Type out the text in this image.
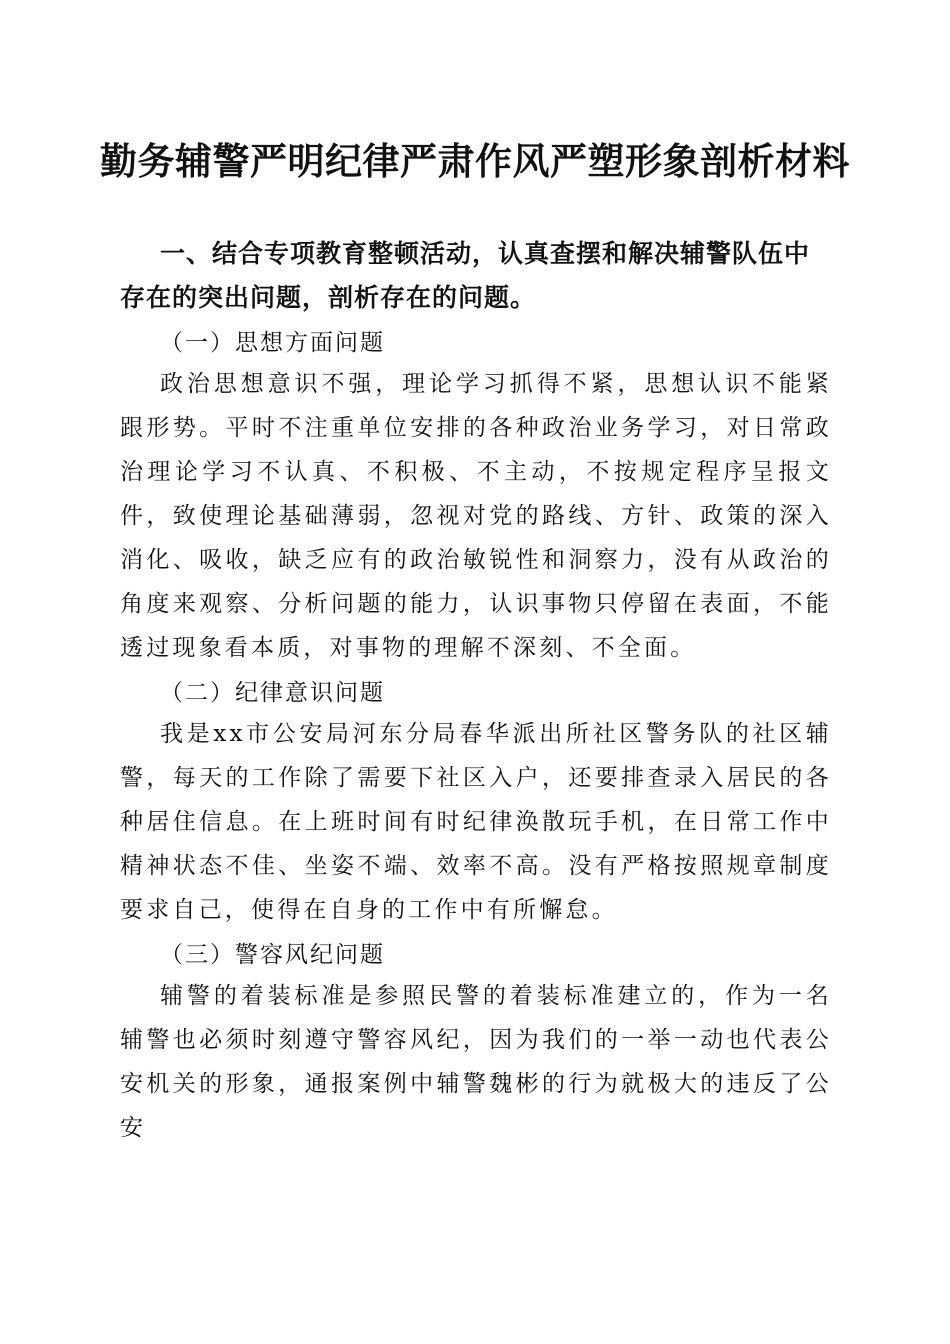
勤务辅警严明纪律严肃作风严塑形象剖析材料

一、结合专项教育整顿活动，认真查摆和解决辅警队伍中存在的突出问题，剖析存在的问题。

（一）思想方面问题

政治思想意识不强，理论学习抓得不紧，思想认识不能紧跟形势。平时不注重单位安排的各种政治业务学习，对日常政治理论学习不认真、不积极、不主动，不按规定程序呈报文件，致使理论基础薄弱，忽视对党的路线、方针、政策的深入消化、吸收，缺乏应有的政治敏锐性和洞察力，没有从政治的角度来观察、分析问题的能力，认识事物只停留在表面，不能透过现象看本质，对事物的理解不深刻、不全面。

（二）纪律意识问题

我是xx市公安局河东分局春华派出所社区警务队的社区辅警，每天的工作除了需要下社区入户，还要排查录入居民的各种居住信息。在上班时间有时纪律涣散玩手机，在日常工作中精神状态不佳、坐姿不端、效率不高。没有严格按照规章制度要求自己，使得在自身的工作中有所懈怠。

（三）警容风纪问题

辅警的着装标准是参照民警的着装标准建立的，作为一名辅警也必须时刻遵守警容风纪，因为我们的一举一动也代表公安机关的形象，通报案例中辅警魏彬的行为就极大的违反了公安
